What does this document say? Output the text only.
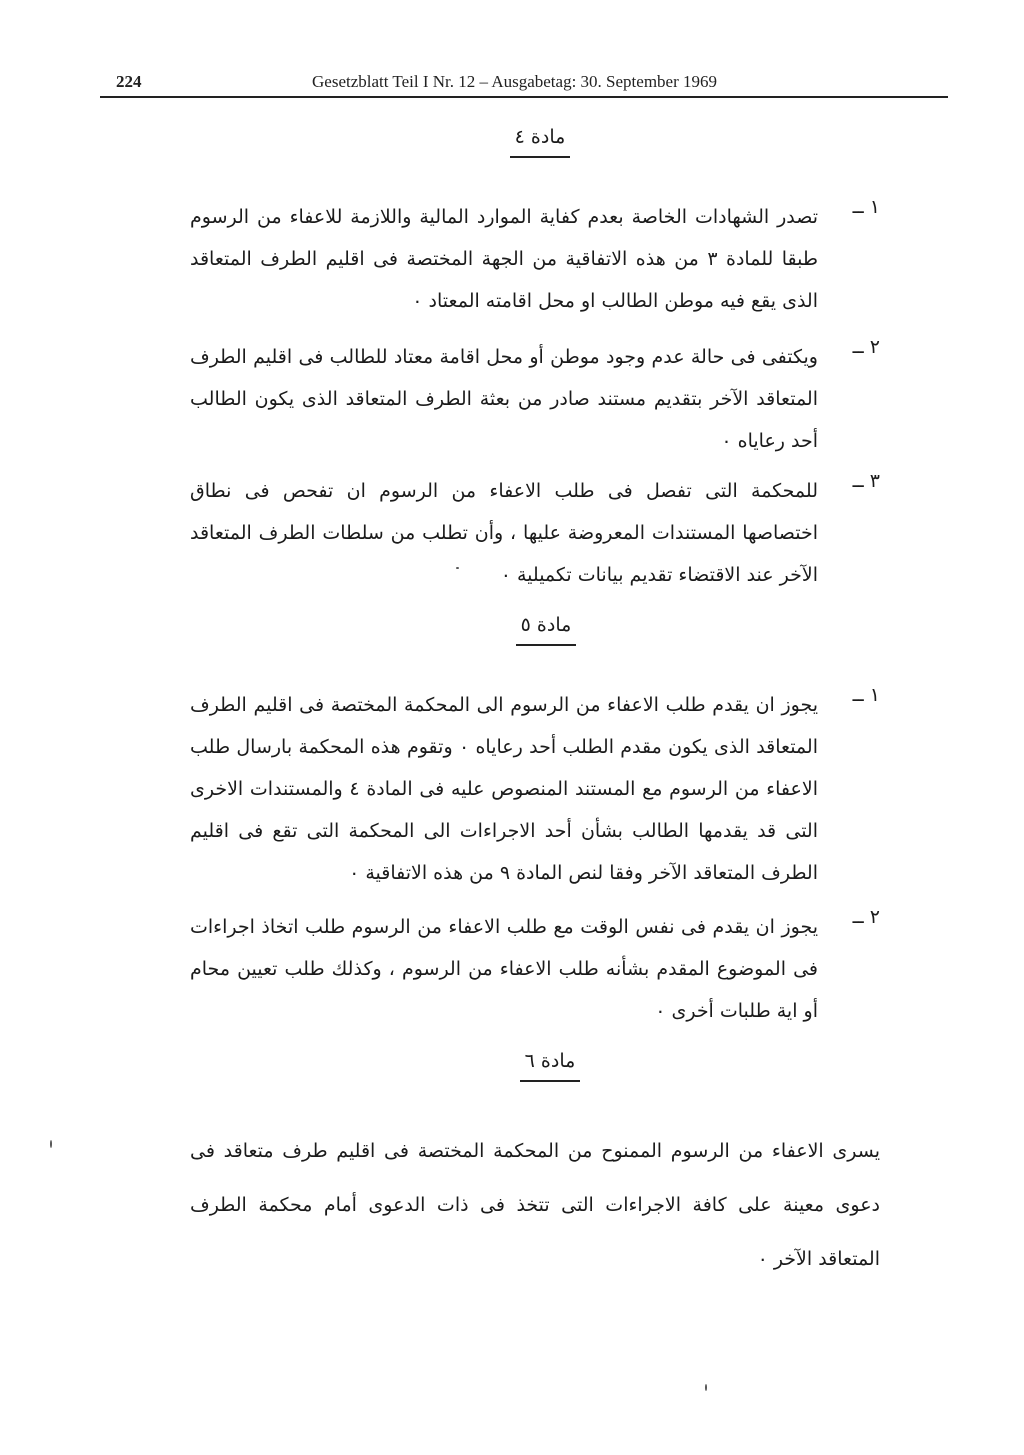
224	Gesetzblatt Teil I Nr. 12 – Ausgabetag: 30. September 1969
مادة ٤
١ ــ
تصدر الشهادات الخاصة بعدم كفاية الموارد المالية واللازمة للاعفاء من الرسوم طبقا للمادة ٣ من هذه الاتفاقية من الجهة المختصة فى اقليم الطرف المتعاقد الذى يقع فيه موطن الطالب او محل اقامته المعتاد ٠
٢ ــ
ويكتفى فى حالة عدم وجود موطن أو محل اقامة معتاد للطالب فى اقليم الطرف المتعاقد الآخر بتقديم مستند صادر من بعثة الطرف المتعاقد الذى يكون الطالب أحد رعاياه ٠
٣ ــ
للمحكمة التى تفصل فى طلب الاعفاء من الرسوم ان تفحص فى نطاق اختصاصها المستندات المعروضة عليها ، وأن تطلب من سلطات الطرف المتعاقد الآخر عند الاقتضاء تقديم بيانات تكميلية ٠
مادة ٥
١ ــ
يجوز ان يقدم طلب الاعفاء من الرسوم الى المحكمة المختصة فى اقليم الطرف المتعاقد الذى يكون مقدم الطلب أحد رعاياه ٠ وتقوم هذه المحكمة بارسال طلب الاعفاء من الرسوم مع المستند المنصوص عليه فى المادة ٤ والمستندات الاخرى التى قد يقدمها الطالب بشأن أحد الاجراءات الى المحكمة التى تقع فى اقليم الطرف المتعاقد الآخر وفقا لنص المادة ٩ من هذه الاتفاقية ٠
٢ ــ
يجوز ان يقدم فى نفس الوقت مع طلب الاعفاء من الرسوم طلب اتخاذ اجراءات فى الموضوع المقدم بشأنه طلب الاعفاء من الرسوم ، وكذلك طلب تعيين محام أو اية طلبات أخرى ٠
مادة ٦
يسرى الاعفاء من الرسوم الممنوح من المحكمة المختصة فى اقليم طرف متعاقد فى دعوى معينة على كافة الاجراءات التى تتخذ فى ذات الدعوى أمام محكمة الطرف المتعاقد الآخر ٠
